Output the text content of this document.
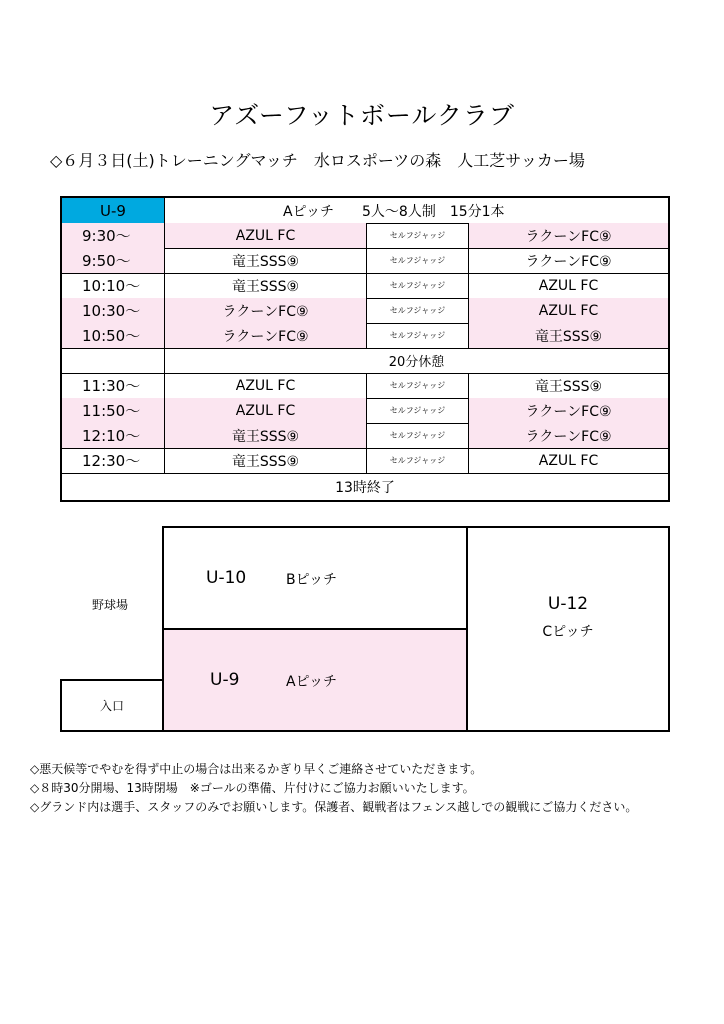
アズーフットボールクラブ
◇６月３日(土)トレーニングマッチ　水ロスポーツの森　人工芝サッカー場
U-9	Aピッチ　　5人〜8人制　15分1本
9:30〜	AZUL FC	セルフジャッジ	ラクーンFC⑨
9:50〜	竜王SSS⑨	セルフジャッジ	ラクーンFC⑨
10:10〜	竜王SSS⑨	セルフジャッジ	AZUL FC
10:30〜	ラクーンFC⑨	セルフジャッジ	AZUL FC
10:50〜	ラクーンFC⑨	セルフジャッジ	竜王SSS⑨
20分休憩
11:30〜	AZUL FC	セルフジャッジ	竜王SSS⑨
11:50〜	AZUL FC	セルフジャッジ	ラクーンFC⑨
12:10〜	竜王SSS⑨	セルフジャッジ	ラクーンFC⑨
12:30〜	竜王SSS⑨	セルフジャッジ	AZUL FC
13時終了
野球場
U-10	Bピッチ
U-9	Aピッチ
U-12
Cピッチ
入口
◇悪天候等でやむを得ず中止の場合は出来るかぎり早くご連絡させていただきます。
◇８時30分開場、13時閉場　※ゴールの準備、片付けにご協力お願いいたします。
◇グランド内は選手、スタッフのみでお願いします。保護者、観戦者はフェンス越しでの観戦にご協力ください。
